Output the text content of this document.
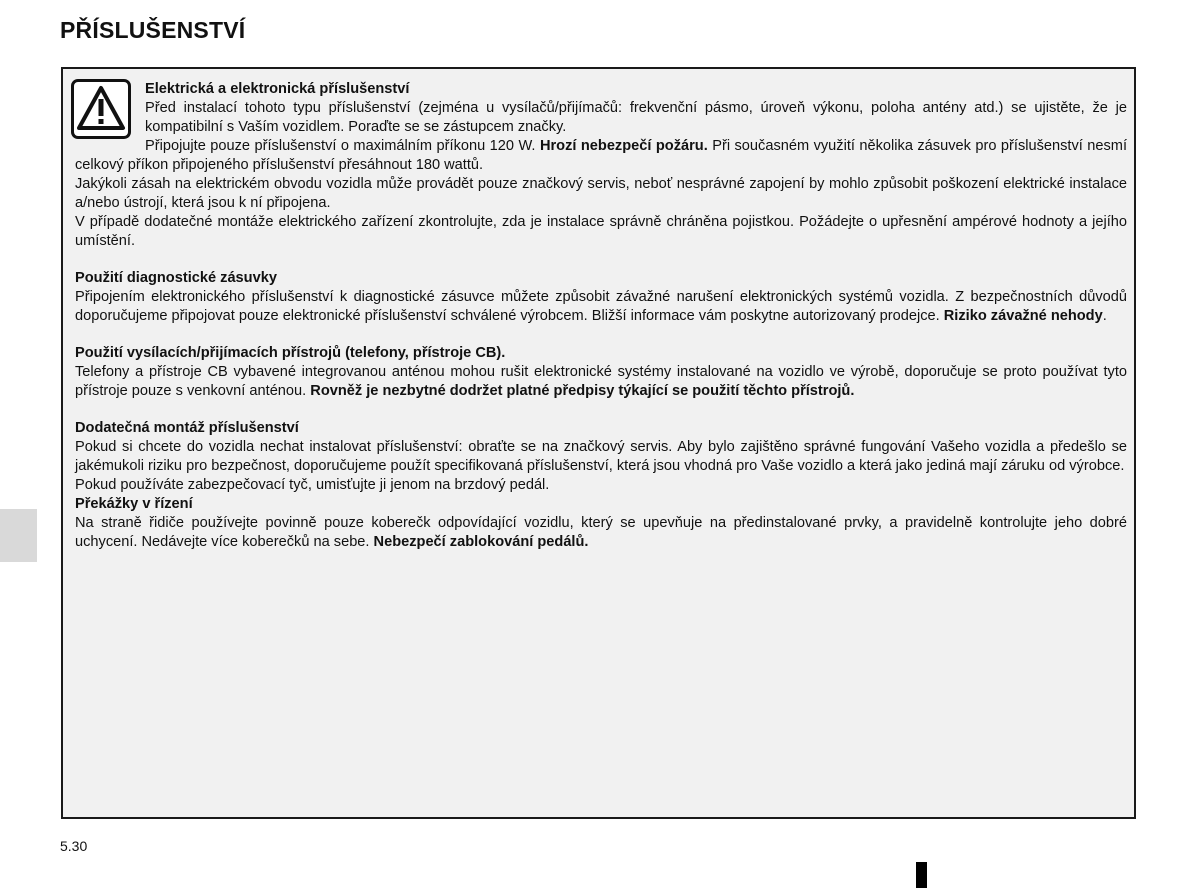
PŘÍSLUŠENSTVÍ

Elektrická a elektronická příslušenství

Před instalací tohoto typu příslušenství (zejména u vysílačů/přijímačů: frekvenční pásmo, úroveň výkonu, poloha antény atd.) se ujistěte, že je kompatibilní s Vaším vozidlem. Poraďte se se zástupcem značky.

Připojujte pouze příslušenství o maximálním příkonu 120 W. Hrozí nebezpečí požáru. Při současném využití několika zásuvek pro příslušenství nesmí celkový příkon připojeného příslušenství přesáhnout 180 wattů.

Jakýkoli zásah na elektrickém obvodu vozidla může provádět pouze značkový servis, neboť nesprávné zapojení by mohlo způsobit poškození elektrické instalace a/nebo ústrojí, která jsou k ní připojena.

V případě dodatečné montáže elektrického zařízení zkontrolujte, zda je instalace správně chráněna pojistkou. Požádejte o upřesnění ampérové hodnoty a jejího umístění.

Použití diagnostické zásuvky

Připojením elektronického příslušenství k diagnostické zásuvce můžete způsobit závažné narušení elektronických systémů vozidla. Z bezpečnostních důvodů doporučujeme připojovat pouze elektronické příslušenství schválené výrobcem. Bližší informace vám poskytne autorizovaný prodejce. Riziko závažné nehody.

Použití vysílacích/přijímacích přístrojů (telefony, přístroje CB).

Telefony a přístroje CB vybavené integrovanou anténou mohou rušit elektronické systémy instalované na vozidlo ve výrobě, doporučuje se proto používat tyto přístroje pouze s venkovní anténou. Rovněž je nezbytné dodržet platné předpisy týkající se použití těchto přístrojů.

Dodatečná montáž příslušenství

Pokud si chcete do vozidla nechat instalovat příslušenství: obraťte se na značkový servis. Aby bylo zajištěno správné fungování Vašeho vozidla a předešlo se jakémukoli riziku pro bezpečnost, doporučujeme použít specifikovaná příslušenství, která jsou vhodná pro Vaše vozidlo a která jako jediná mají záruku od výrobce.

Pokud používáte zabezpečovací tyč, umisťujte ji jenom na brzdový pedál.

Překážky v řízení

Na straně řidiče používejte povinně pouze koberečk odpovídající vozidlu, který se upevňuje na předinstalované prvky, a pravidelně kontrolujte jeho dobré uchycení. Nedávejte více koberečků na sebe. Nebezpečí zablokování pedálů.

5.30
